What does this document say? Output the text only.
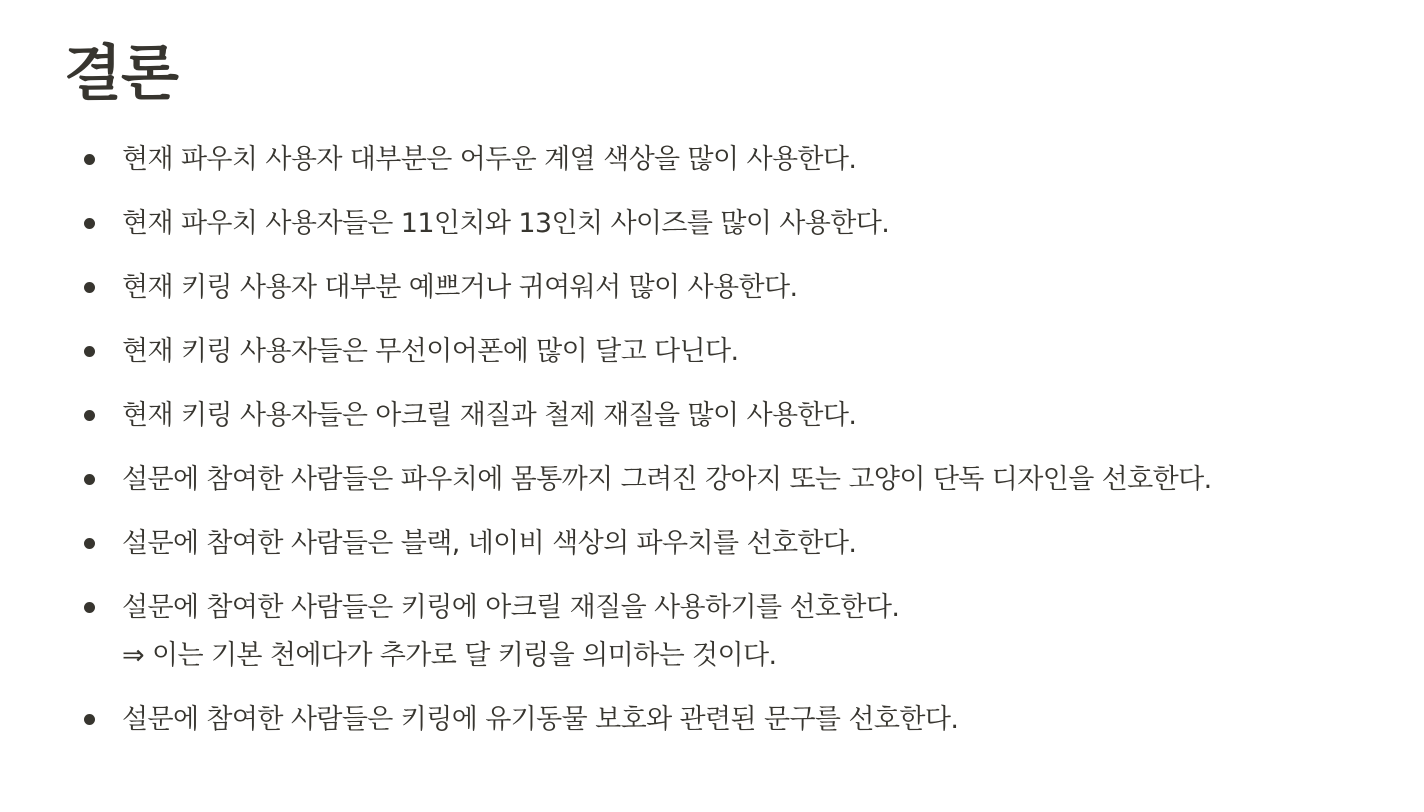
결론
현재 파우치 사용자 대부분은 어두운 계열 색상을 많이 사용한다.
현재 파우치 사용자들은 11인치와 13인치 사이즈를 많이 사용한다.
현재 키링 사용자 대부분 예쁘거나 귀여워서 많이 사용한다.
현재 키링 사용자들은 무선이어폰에 많이 달고 다닌다.
현재 키링 사용자들은 아크릴 재질과 철제 재질을 많이 사용한다.
설문에 참여한 사람들은 파우치에 몸통까지 그려진 강아지 또는 고양이 단독 디자인을 선호한다.
설문에 참여한 사람들은 블랙, 네이비 색상의 파우치를 선호한다.
설문에 참여한 사람들은 키링에 아크릴 재질을 사용하기를 선호한다.
⇒ 이는 기본 천에다가 추가로 달 키링을 의미하는 것이다.
설문에 참여한 사람들은 키링에 유기동물 보호와 관련된 문구를 선호한다.
